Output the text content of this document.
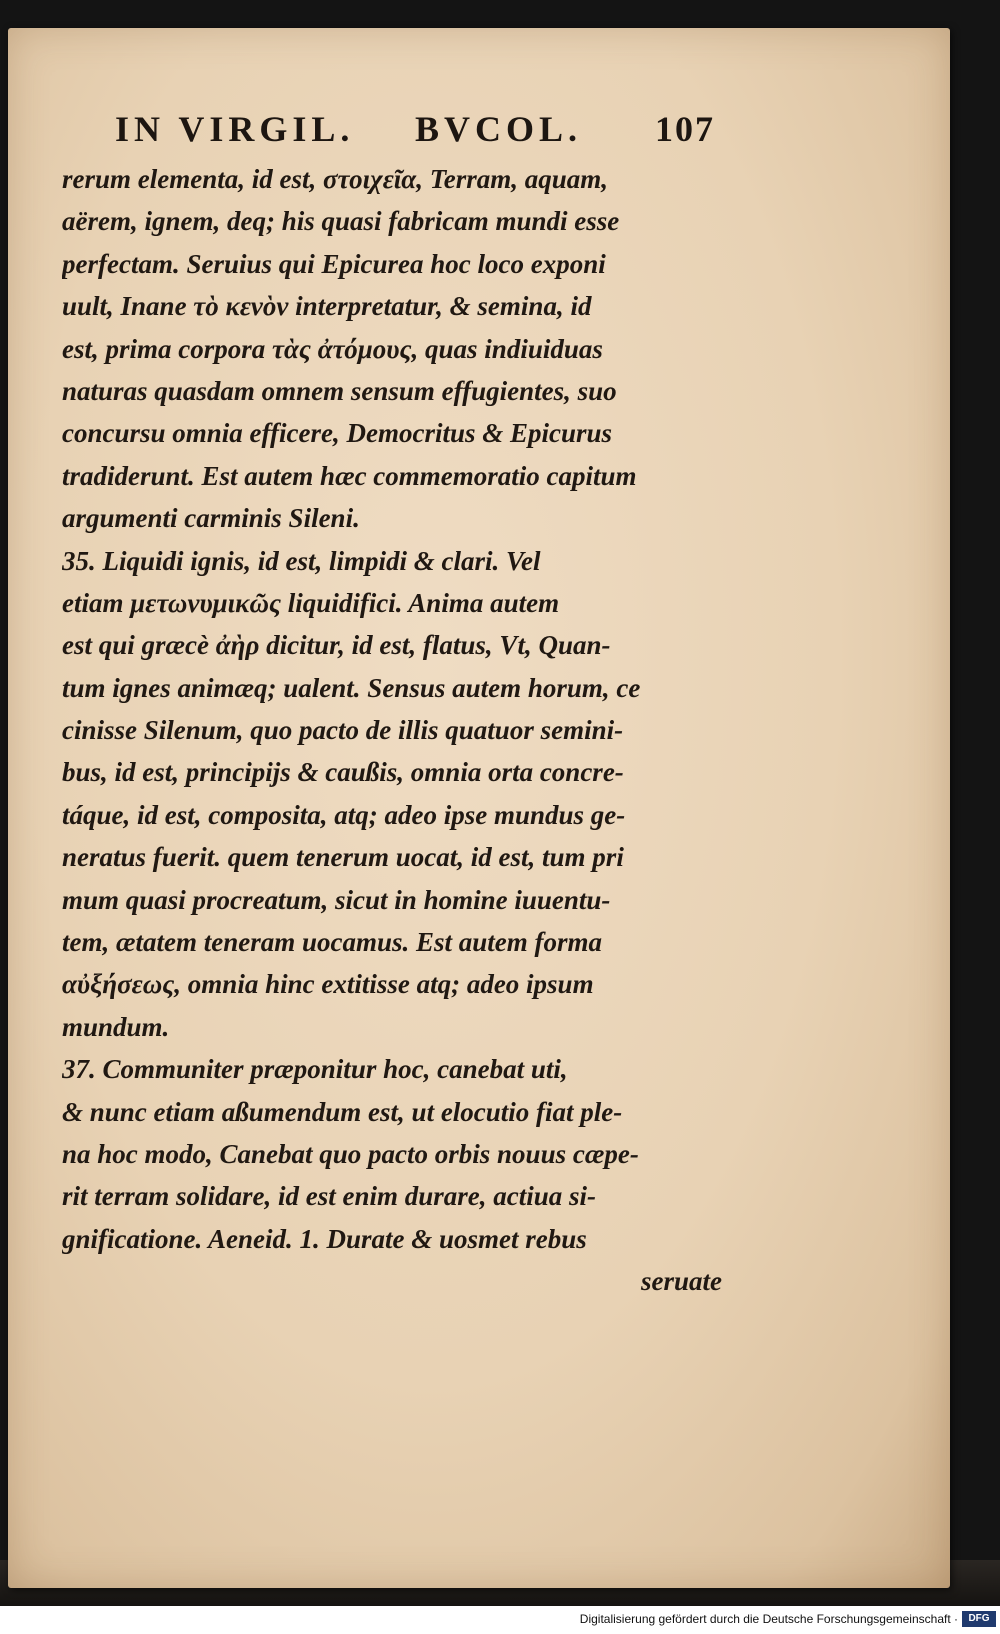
IN VIRGIL. BVCOL. 107
rerum elementa, id est, στοιχεῖα, Terram, aquam,
aërem, ignem, deq; his quasi fabricam mundi esse
perfectam. Seruius qui Epicurea hoc loco exponi
uult, Inane τὸ κενὸν interpretatur, & semina, id
est, prima corpora τὰς ἀτόμους, quas indiuiduas
naturas quasdam omnem sensum effugientes, suo
concursu omnia efficere, Democritus & Epicurus
tradiderunt. Est autem hæc commemoratio capitum
argumenti carminis Sileni.
35. Liquidi ignis, id est, limpidi & clari. Vel
etiam μετωνυμικῶς liquidifici. Anima autem
est qui græcè ἀὴρ dicitur, id est, flatus, Vt, Quan-
tum ignes animæq; ualent. Sensus autem horum, ce
cinisse Silenum, quo pacto de illis quatuor semini-
bus, id est, principijs & caußis, omnia orta concre-
táque, id est, composita, atq; adeo ipse mundus ge-
neratus fuerit. quem tenerum uocat, id est, tum pri
mum quasi procreatum, sicut in homine iuuentu-
tem, ætatem teneram uocamus. Est autem forma
αὐξήσεως, omnia hinc extitisse atq; adeo ipsum
mundum.
37. Communiter præponitur hoc, canebat uti,
& nunc etiam aßumendum est, ut elocutio fiat ple-
na hoc modo, Canebat quo pacto orbis nouus cæpe-
rit terram solidare, id est enim durare, actiua si-
gnificatione. Aeneid. 1. Durate & uosmet rebus
seruate
Digitalisierung gefördert durch die Deutsche Forschungsgemeinschaft ·	DFG
